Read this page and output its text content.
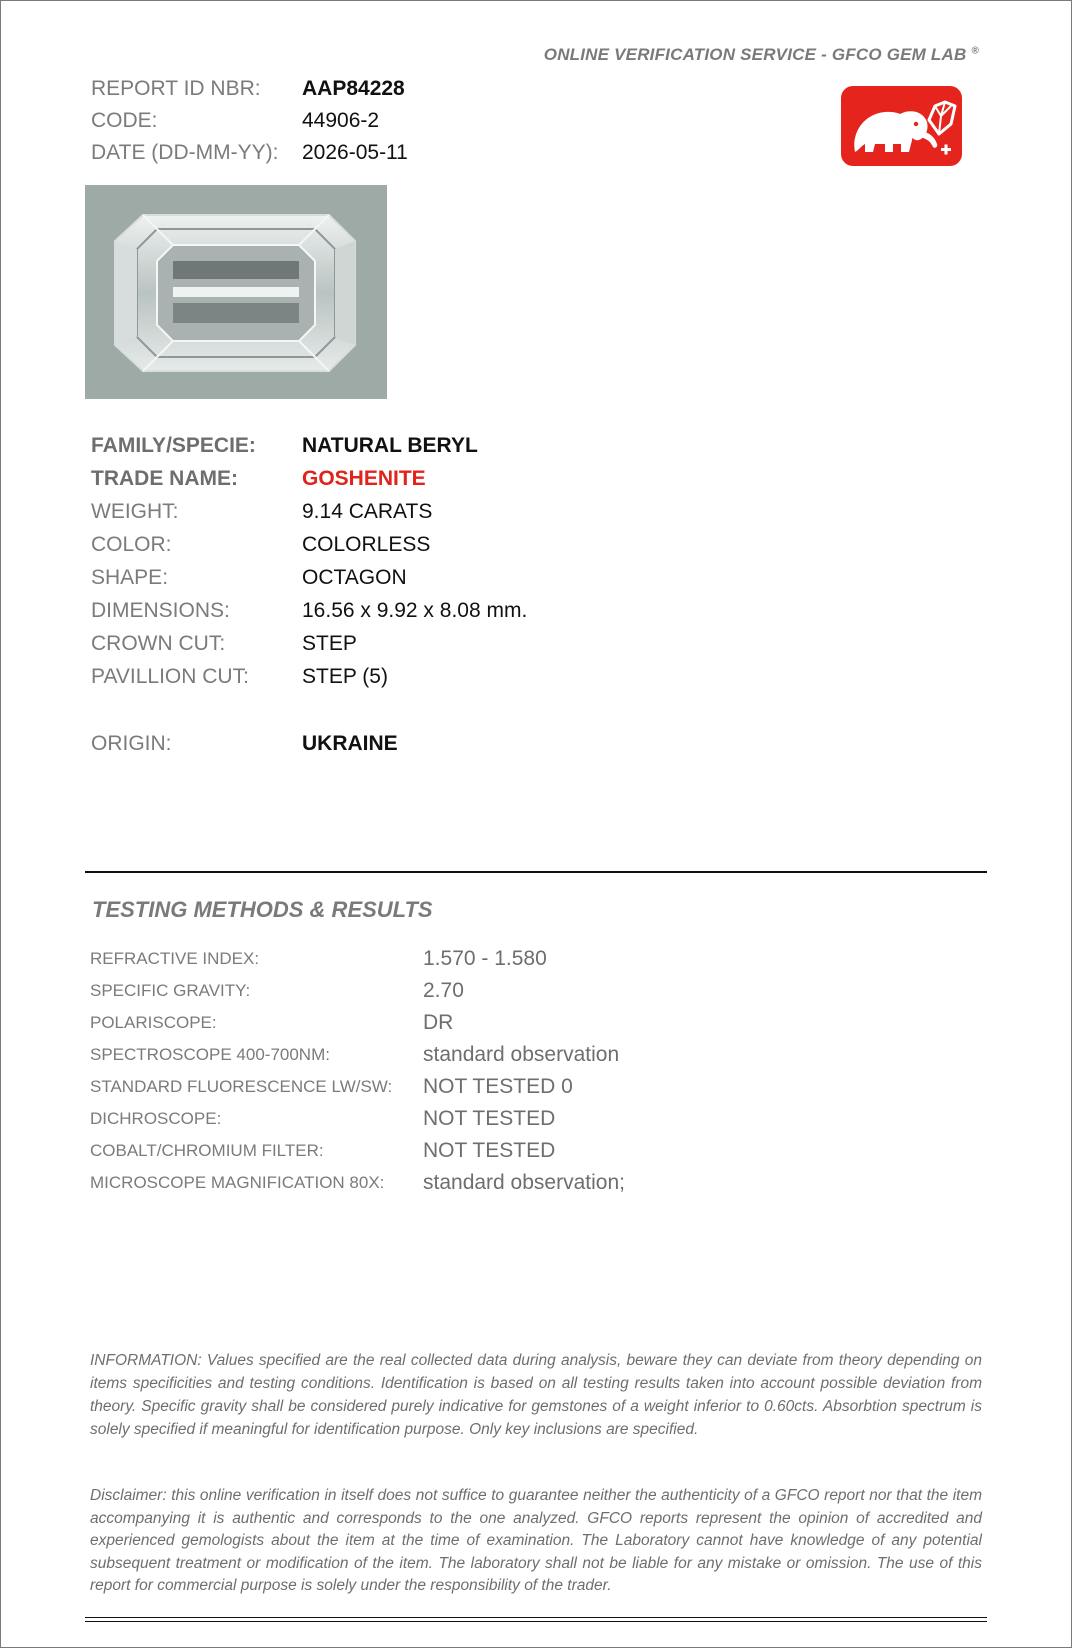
ONLINE VERIFICATION SERVICE - GFCO GEM LAB ®
REPORT ID NBR:	AAP84228
CODE:	44906-2
DATE (DD-MM-YY):	2026-05-11
FAMILY/SPECIE:	NATURAL BERYL
TRADE NAME:	GOSHENITE
WEIGHT:	9.14 CARATS
COLOR:	COLORLESS
SHAPE:	OCTAGON
DIMENSIONS:	16.56 x 9.92 x 8.08 mm.
CROWN CUT:	STEP
PAVILLION CUT:	STEP (5)
ORIGIN:	UKRAINE
TESTING METHODS & RESULTS
REFRACTIVE INDEX:	1.570 - 1.580
SPECIFIC GRAVITY:	2.70
POLARISCOPE:	DR
SPECTROSCOPE 400-700NM:	standard observation
STANDARD FLUORESCENCE LW/SW:	NOT TESTED 0
DICHROSCOPE:	NOT TESTED
COBALT/CHROMIUM FILTER:	NOT TESTED
MICROSCOPE MAGNIFICATION 80X:	standard observation;
INFORMATION: Values specified are the real collected data during analysis, beware they can deviate from theory depending on items specificities and testing conditions. Identification is based on all testing results taken into account possible deviation from theory. Specific gravity shall be considered purely indicative for gemstones of a weight inferior to 0.60cts. Absorbtion spectrum is solely specified if meaningful for identification purpose. Only key inclusions are specified.
Disclaimer: this online verification in itself does not suffice to guarantee neither the authenticity of a GFCO report nor that the item accompanying it is authentic and corresponds to the one analyzed. GFCO reports represent the opinion of accredited and experienced gemologists about the item at the time of examination. The Laboratory cannot have knowledge of any potential subsequent treatment or modification of the item. The laboratory shall not be liable for any mistake or omission. The use of this report for commercial purpose is solely under the responsibility of the trader.
